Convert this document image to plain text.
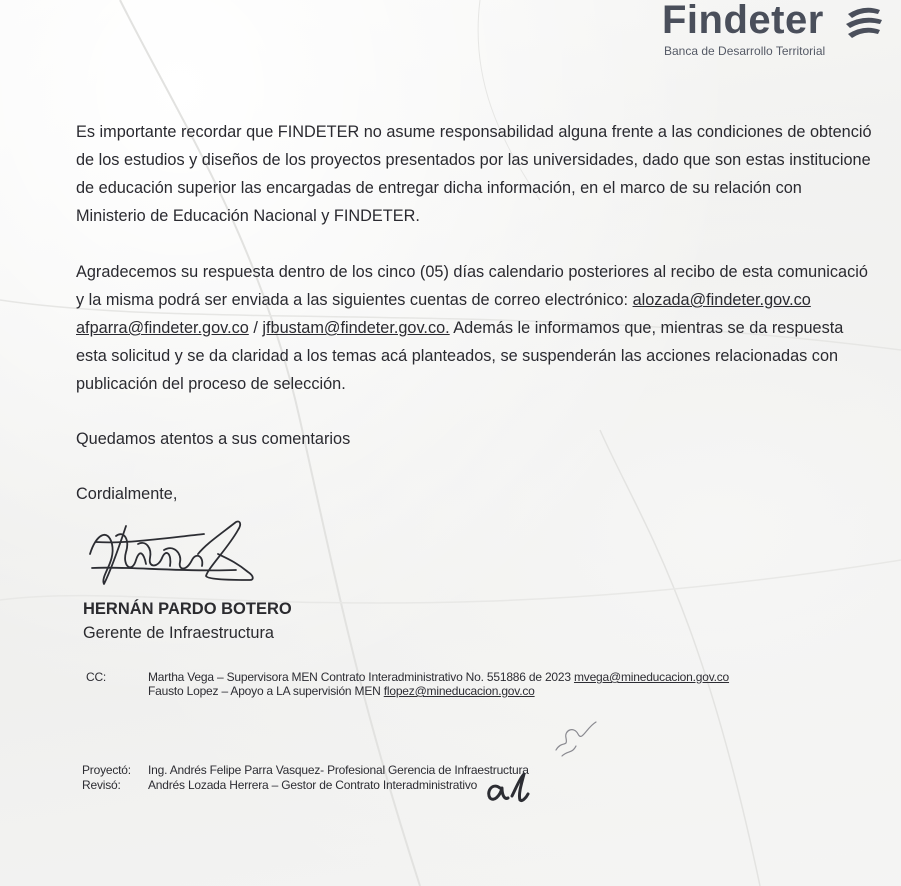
Findeter
Banca de Desarrollo Territorial
Es importante recordar que FINDETER no asume responsabilidad alguna frente a las condiciones de obtenció
de los estudios y diseños de los proyectos presentados por las universidades, dado que son estas institucione
de educación superior las encargadas de entregar dicha información, en el marco de su relación con
Ministerio de Educación Nacional y FINDETER.
Agradecemos su respuesta dentro de los cinco (05) días calendario posteriores al recibo de esta comunicació
y la misma podrá ser enviada a las siguientes cuentas de correo electrónico: alozada@findeter.gov.co
afparra@findeter.gov.co / jfbustam@findeter.gov.co. Además le informamos que, mientras se da respuesta
esta solicitud y se da claridad a los temas acá planteados, se suspenderán las acciones relacionadas con
publicación del proceso de selección.
Quedamos atentos a sus comentarios
Cordialmente,
HERNÁN PARDO BOTERO
Gerente de Infraestructura
CC:	Martha Vega – Supervisora MEN Contrato Interadministrativo No. 551886 de 2023 mvega@mineducacion.gov.co
Fausto Lopez – Apoyo a LA supervisión MEN flopez@mineducacion.gov.co
Proyectó: Ing. Andrés Felipe Parra Vasquez- Profesional Gerencia de Infraestructura
Revisó: Andrés Lozada Herrera – Gestor de Contrato Interadministrativo
